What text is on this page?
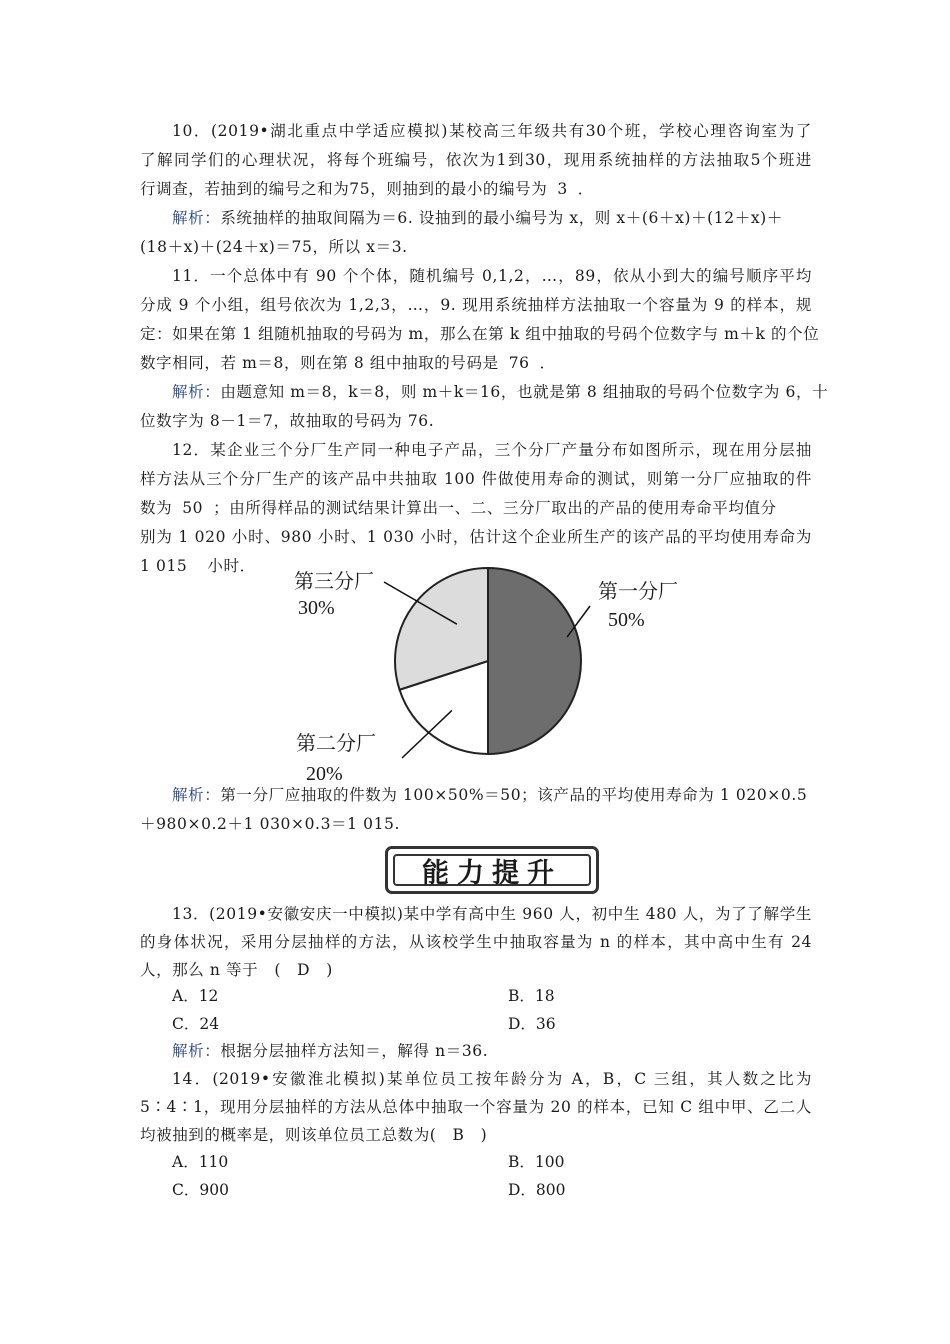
10．(2019•湖北重点中学适应模拟)某校高三年级共有30个班，学校心理咨询室为了
了解同学们的心理状况，将每个班编号，依次为1到30，现用系统抽样的方法抽取5个班进
行调查，若抽到的编号之和为75，则抽到的最小的编号为 3 ．
解析：系统抽样的抽取间隔为＝6. 设抽到的最小编号为 x，则 x＋(6＋x)＋(12＋x)＋
(18＋x)＋(24＋x)＝75，所以 x＝3.
11．一个总体中有 90 个个体，随机编号 0,1,2，…，89，依从小到大的编号顺序平均
分成 9 个小组，组号依次为 1,2,3，…，9. 现用系统抽样方法抽取一个容量为 9 的样本，规
定：如果在第 1 组随机抽取的号码为 m，那么在第 k 组中抽取的号码个位数字与 m＋k 的个位
数字相同，若 m＝8，则在第 8 组中抽取的号码是 76 ．
解析：由题意知 m＝8，k＝8，则 m＋k＝16，也就是第 8 组抽取的号码个位数字为 6，十
位数字为 8－1＝7，故抽取的号码为 76.
12．某企业三个分厂生产同一种电子产品，三个分厂产量分布如图所示，现在用分层抽
样方法从三个分厂生产的该产品中共抽取 100 件做使用寿命的测试，则第一分厂应抽取的件
数为 50 ；由所得样品的测试结果计算出一、二、三分厂取出的产品的使用寿命平均值分
别为 1 020 小时、980 小时、1 030 小时，估计这个企业所生产的该产品的平均使用寿命为
1 015 小时．
第三分厂
30%
第一分厂
50%
第二分厂
20%
解析：第一分厂应抽取的件数为 100×50%＝50；该产品的平均使用寿命为 1 020×0.5
＋980×0.2＋1 030×0.3＝1 015.
能力提升
13．(2019•安徽安庆一中模拟)某中学有高中生 960 人，初中生 480 人，为了了解学生
的身体状况，采用分层抽样的方法，从该校学生中抽取容量为 n 的样本，其中高中生有 24
人，那么 n 等于　(　D　)
A．12	B．18
C．24	D．36
解析：根据分层抽样方法知＝，解得 n＝36.
14．(2019•安徽淮北模拟)某单位员工按年龄分为 A，B，C 三组，其人数之比为
5∶4∶1，现用分层抽样的方法从总体中抽取一个容量为 20 的样本，已知 C 组中甲、乙二人
均被抽到的概率是，则该单位员工总数为(　B　)
A．110	B．100
C．900	D．800
